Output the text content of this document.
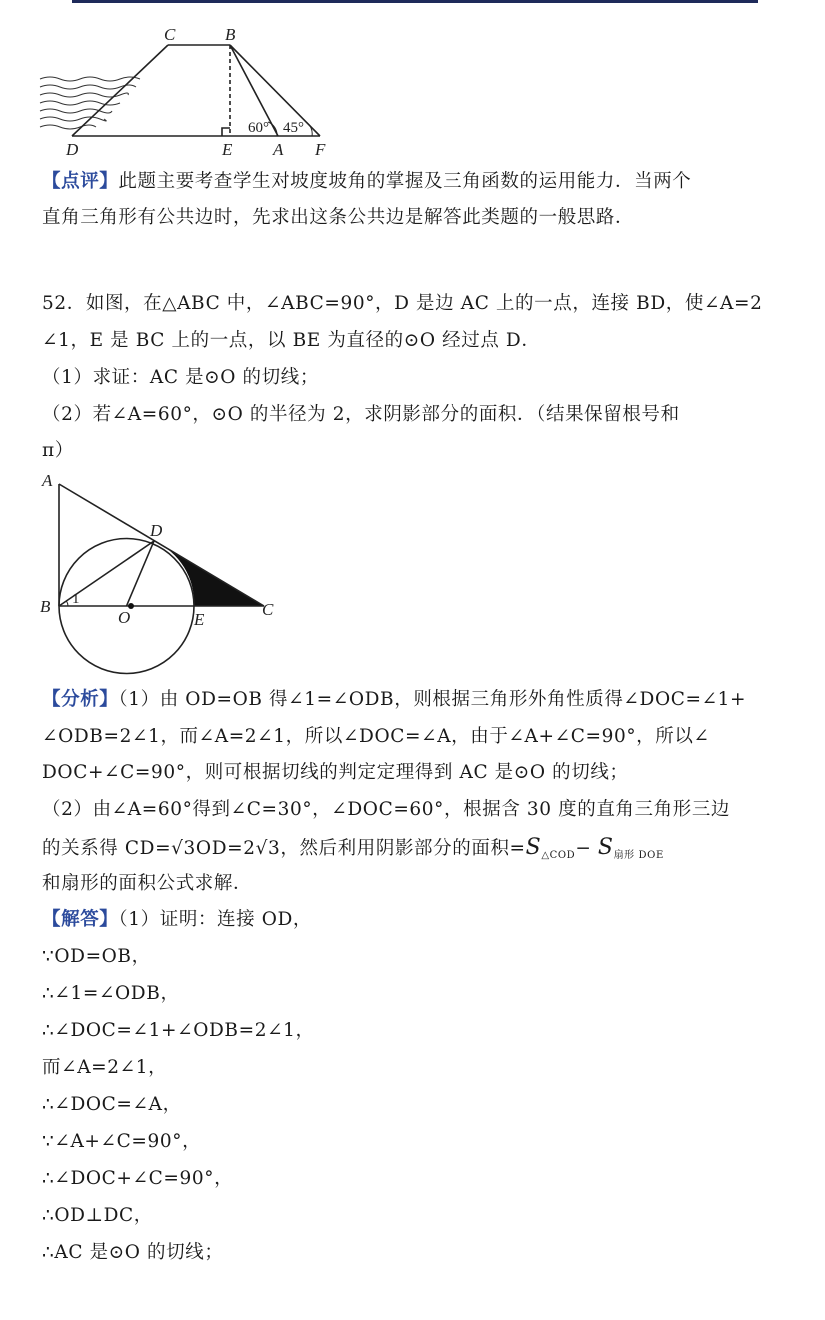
C	B
D	E A F
60° 45°
【点评】此题主要考查学生对坡度坡角的掌握及三角函数的运用能力．当两个
直角三角形有公共边时，先求出这条公共边是解答此类题的一般思路．
52．如图，在△ABC 中，∠ABC=90°，D 是边 AC 上的一点，连接 BD，使∠A=2
∠1，E 是 BC 上的一点，以 BE 为直径的⊙O 经过点 D．
（1）求证：AC 是⊙O 的切线；
（2）若∠A=60°，⊙O 的半径为 2，求阴影部分的面积．（结果保留根号和
π）
A
D
B 1
O	E
C
【分析】（1）由 OD=OB 得∠1=∠ODB，则根据三角形外角性质得∠DOC=∠1+
∠ODB=2∠1，而∠A=2∠1，所以∠DOC=∠A，由于∠A+∠C=90°，所以∠
DOC+∠C=90°，则可根据切线的判定定理得到 AC 是⊙O 的切线；
（2）由∠A=60°得到∠C=30°，∠DOC=60°，根据含 30 度的直角三角形三边
的关系得 CD=√3OD=2√3，然后利用阴影部分的面积$=S_{\triangle COD}- S_{扇形 DOE}$
和扇形的面积公式求解．
【解答】（1）证明：连接 OD，
∵OD=OB，
∴∠1=∠ODB，
∴∠DOC=∠1+∠ODB=2∠1，
而∠A=2∠1，
∴∠DOC=∠A，
∵∠A+∠C=90°，
∴∠DOC+∠C=90°，
∴OD⊥DC，
∴AC 是⊙O 的切线；
